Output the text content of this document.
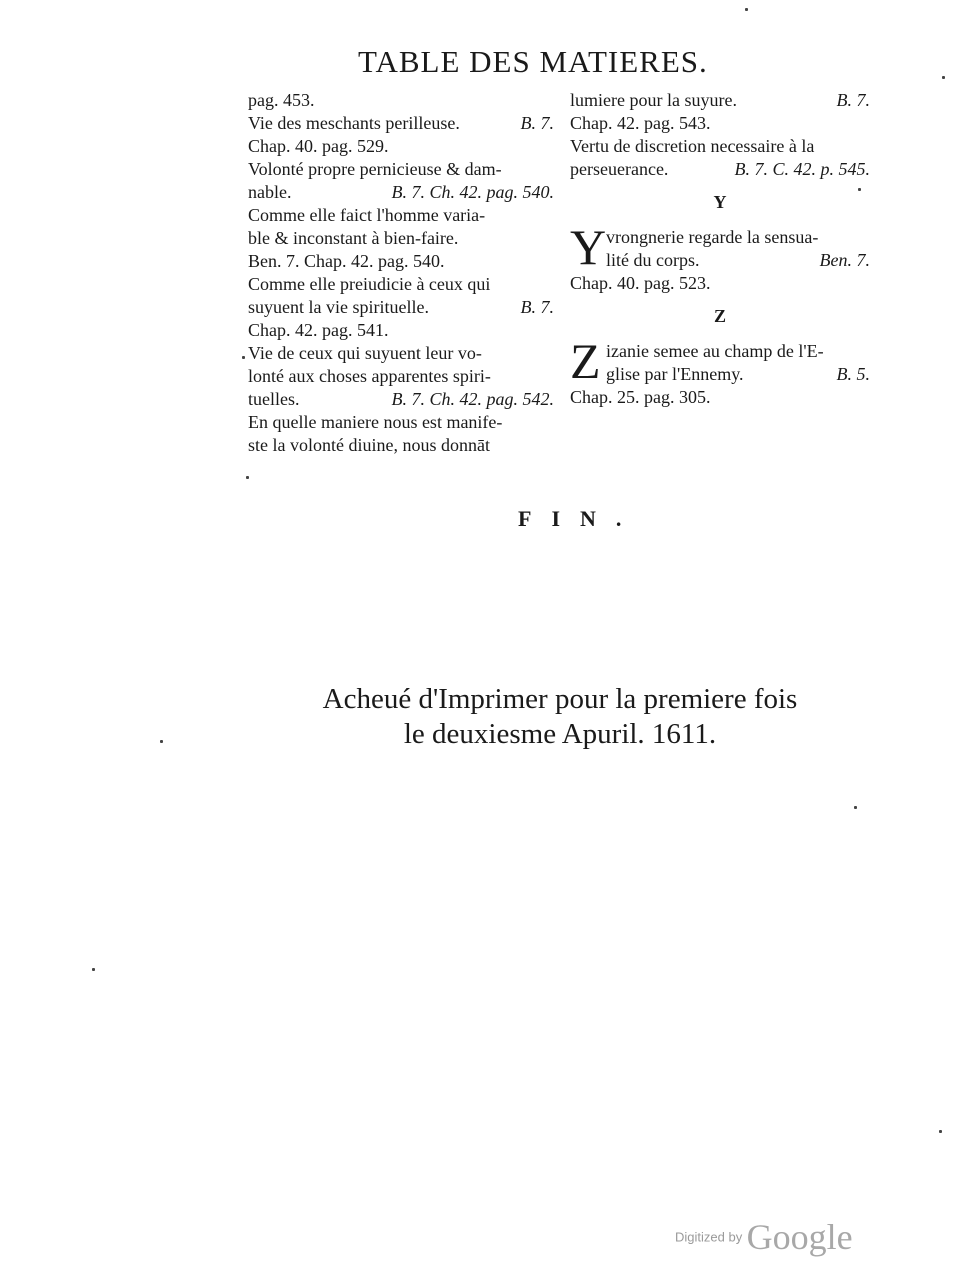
TABLE DES MATIERES.
pag. 453.
Vie des meschants perilleuse.	B. 7.
Chap. 40. pag. 529.
Volonté propre pernicieuse & dam-
nable.	B. 7. Ch. 42. pag. 540.
Comme elle faict l'homme varia-
ble & inconstant à bien-faire.
Ben. 7. Chap. 42. pag. 540.
Comme elle preiudicie à ceux qui
suyuent la vie spirituelle.	B. 7.
Chap. 42. pag. 541.
Vie de ceux qui suyuent leur vo-
lonté aux choses apparentes spiri-
tuelles.	B. 7. Ch. 42. pag. 542.
En quelle maniere nous est manife-
ste la volonté diuine, nous donnāt
lumiere pour la suyure.	B. 7.
Chap. 42. pag. 543.
Vertu de discretion necessaire à la
perseuerance.	B. 7. C. 42. p. 545.
Y
Y vrongnerie regarde la sensua-
lité du corps.	Ben. 7.
Chap. 40. pag. 523.
Z
Z izanie semee au champ de l'E-
glise par l'Ennemy.	B. 5.
Chap. 25. pag. 305.
FIN.
Acheué d'Imprimer pour la premiere fois
le deuxiesme Apuril. 1611.
Digitized by Google
